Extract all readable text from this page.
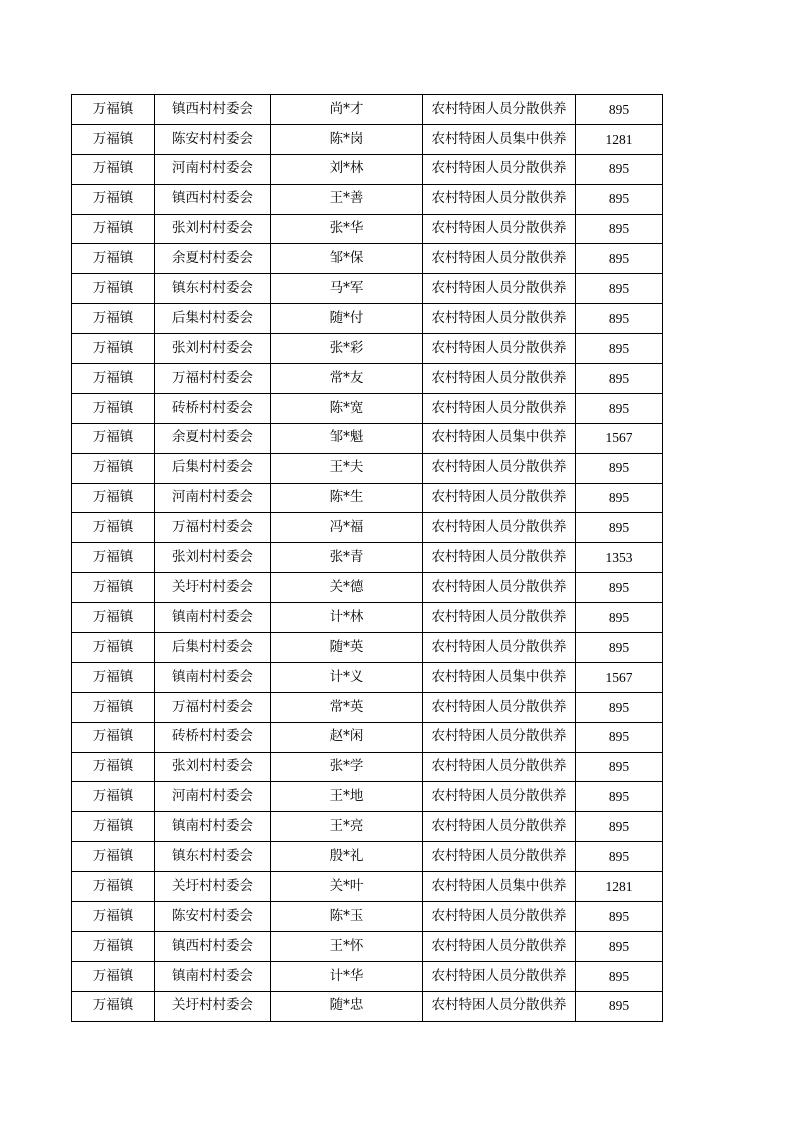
万福镇	镇西村村委会	尚*才	农村特困人员分散供养	895
万福镇	陈安村村委会	陈*岗	农村特困人员集中供养	1281
万福镇	河南村村委会	刘*林	农村特困人员分散供养	895
万福镇	镇西村村委会	王*善	农村特困人员分散供养	895
万福镇	张刘村村委会	张*华	农村特困人员分散供养	895
万福镇	余夏村村委会	邹*保	农村特困人员分散供养	895
万福镇	镇东村村委会	马*军	农村特困人员分散供养	895
万福镇	后集村村委会	随*付	农村特困人员分散供养	895
万福镇	张刘村村委会	张*彩	农村特困人员分散供养	895
万福镇	万福村村委会	常*友	农村特困人员分散供养	895
万福镇	砖桥村村委会	陈*宽	农村特困人员分散供养	895
万福镇	余夏村村委会	邹*魁	农村特困人员集中供养	1567
万福镇	后集村村委会	王*夫	农村特困人员分散供养	895
万福镇	河南村村委会	陈*生	农村特困人员分散供养	895
万福镇	万福村村委会	冯*福	农村特困人员分散供养	895
万福镇	张刘村村委会	张*青	农村特困人员分散供养	1353
万福镇	关圩村村委会	关*德	农村特困人员分散供养	895
万福镇	镇南村村委会	计*林	农村特困人员分散供养	895
万福镇	后集村村委会	随*英	农村特困人员分散供养	895
万福镇	镇南村村委会	计*义	农村特困人员集中供养	1567
万福镇	万福村村委会	常*英	农村特困人员分散供养	895
万福镇	砖桥村村委会	赵*闲	农村特困人员分散供养	895
万福镇	张刘村村委会	张*学	农村特困人员分散供养	895
万福镇	河南村村委会	王*地	农村特困人员分散供养	895
万福镇	镇南村村委会	王*亮	农村特困人员分散供养	895
万福镇	镇东村村委会	殷*礼	农村特困人员分散供养	895
万福镇	关圩村村委会	关*叶	农村特困人员集中供养	1281
万福镇	陈安村村委会	陈*玉	农村特困人员分散供养	895
万福镇	镇西村村委会	王*怀	农村特困人员分散供养	895
万福镇	镇南村村委会	计*华	农村特困人员分散供养	895
万福镇	关圩村村委会	随*忠	农村特困人员分散供养	895
